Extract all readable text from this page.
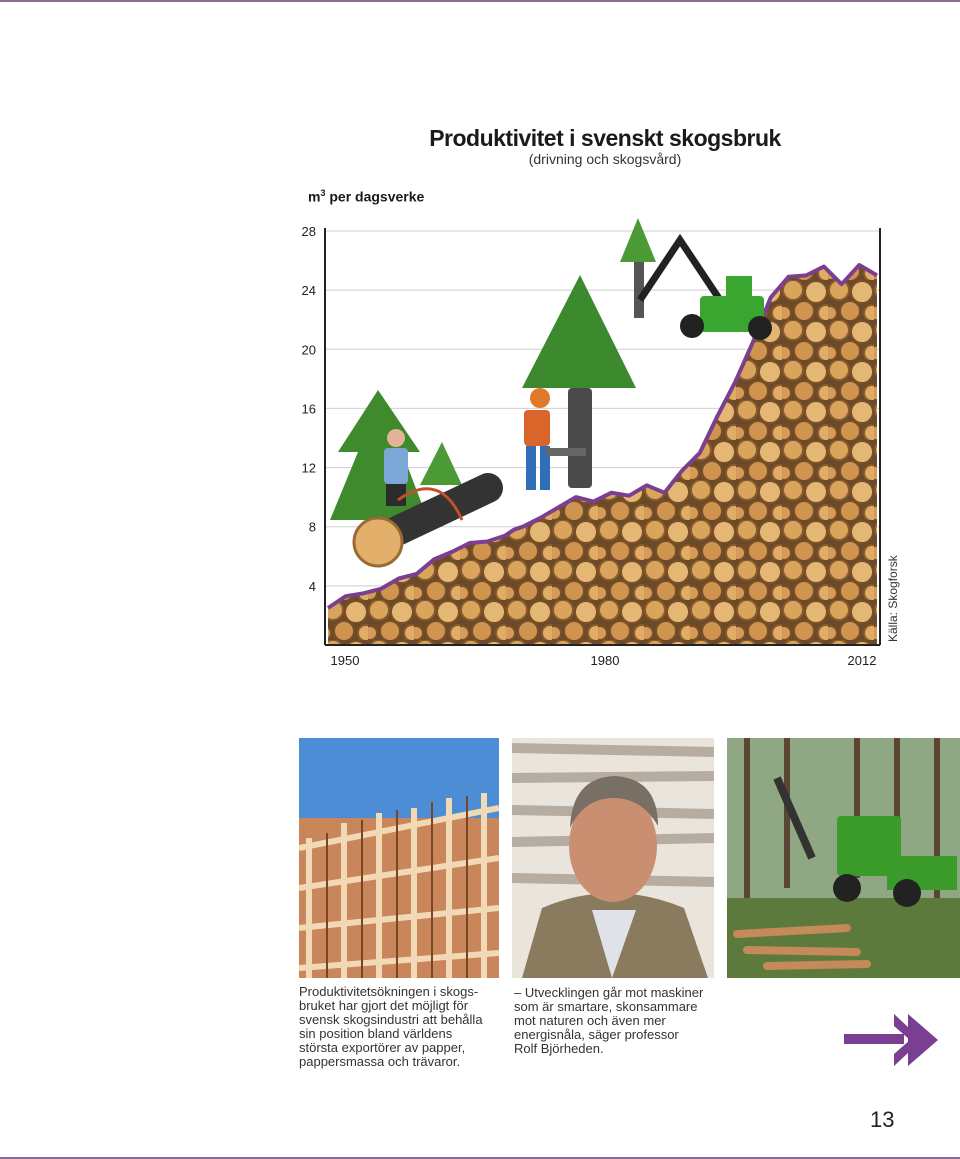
Produktivitet i svenskt skogsbruk
(drivning och skogsvård)
$m^3$ per dagsverke
28
24
20
16
12
8
4
1950	1980	2012
Källa: Skogforsk
Produktivitetsökningen i skogs-
bruket har gjort det möjligt för
svensk skogsindustri att behålla
sin position bland världens
största exportörer av papper,
pappersmassa och trävaror.
– Utvecklingen går mot maskiner
som är smartare, skonsammare
mot naturen och även mer
energisnåla, säger professor
Rolf Björheden.
13
